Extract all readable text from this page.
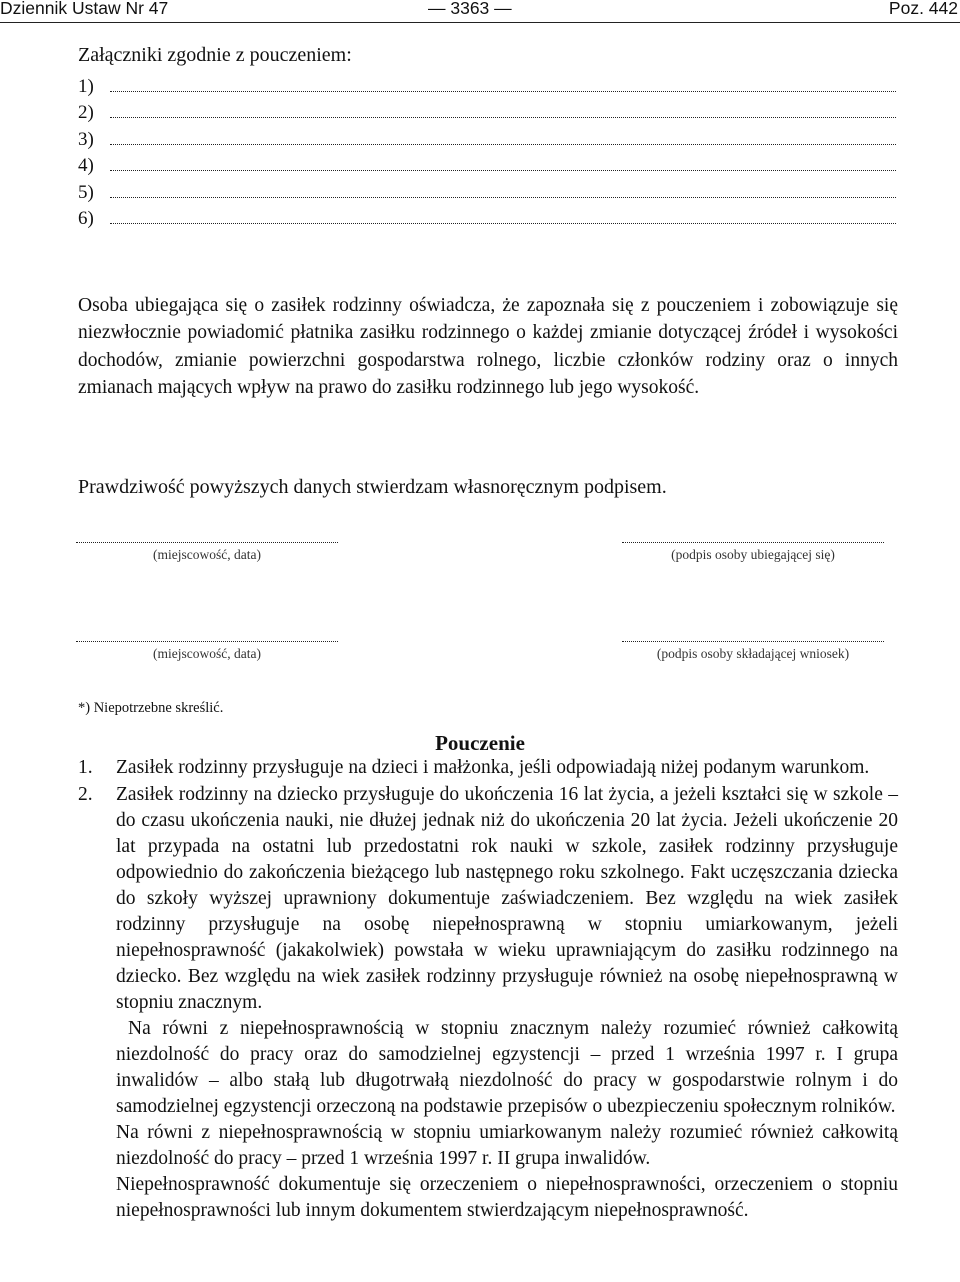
Dziennik Ustaw Nr 47	— 3363 —	Poz. 442
Załączniki zgodnie z pouczeniem:
1)
2)
3)
4)
5)
6)
Osoba ubiegająca się o zasiłek rodzinny oświadcza, że zapoznała się z pouczeniem i zobowiązuje się niezwłocznie powiadomić płatnika zasiłku rodzinnego o każdej zmianie dotyczącej źródeł i wysokości dochodów, zmianie powierzchni gospodarstwa rolnego, liczbie członków rodziny oraz o innych zmianach mających wpływ na prawo do zasiłku rodzinnego lub jego wysokość.
Prawdziwość powyższych danych stwierdzam własnoręcznym podpisem.
(miejscowość, data)	(podpis osoby ubiegającej się)
(miejscowość, data)	(podpis osoby składającej wniosek)
*) Niepotrzebne skreślić.
Pouczenie
1.	Zasiłek rodzinny przysługuje na dzieci i małżonka, jeśli odpowiadają niżej podanym warunkom.
2.	Zasiłek rodzinny na dziecko przysługuje do ukończenia 16 lat życia, a jeżeli kształci się w szkole – do czasu ukończenia nauki, nie dłużej jednak niż do ukończenia 20 lat życia. Jeżeli ukończenie 20 lat przypada na ostatni lub przedostatni rok nauki w szkole, zasiłek rodzinny przysługuje odpowiednio do zakończenia bieżącego lub następnego roku szkolnego. Fakt uczęszczania dziecka do szkoły wyższej uprawniony dokumentuje zaświadczeniem. Bez względu na wiek zasiłek rodzinny przysługuje na osobę niepełnosprawną w stopniu umiarkowanym, jeżeli niepełnosprawność (jakakolwiek) powstała w wieku uprawniającym do zasiłku rodzinnego na dziecko. Bez względu na wiek zasiłek rodzinny przysługuje również na osobę niepełnosprawną w stopniu znacznym.
Na równi z niepełnosprawnością w stopniu znacznym należy rozumieć również całkowitą niezdolność do pracy oraz do samodzielnej egzystencji – przed 1 września 1997 r. I grupa inwalidów – albo stałą lub długotrwałą niezdolność do pracy w gospodarstwie rolnym i do samodzielnej egzystencji orzeczoną na podstawie przepisów o ubezpieczeniu społecznym rolników.
Na równi z niepełnosprawnością w stopniu umiarkowanym należy rozumieć również całkowitą niezdolność do pracy – przed 1 września 1997 r. II grupa inwalidów.
Niepełnosprawność dokumentuje się orzeczeniem o niepełnosprawności, orzeczeniem o stopniu niepełnosprawności lub innym dokumentem stwierdzającym niepełnosprawność.
